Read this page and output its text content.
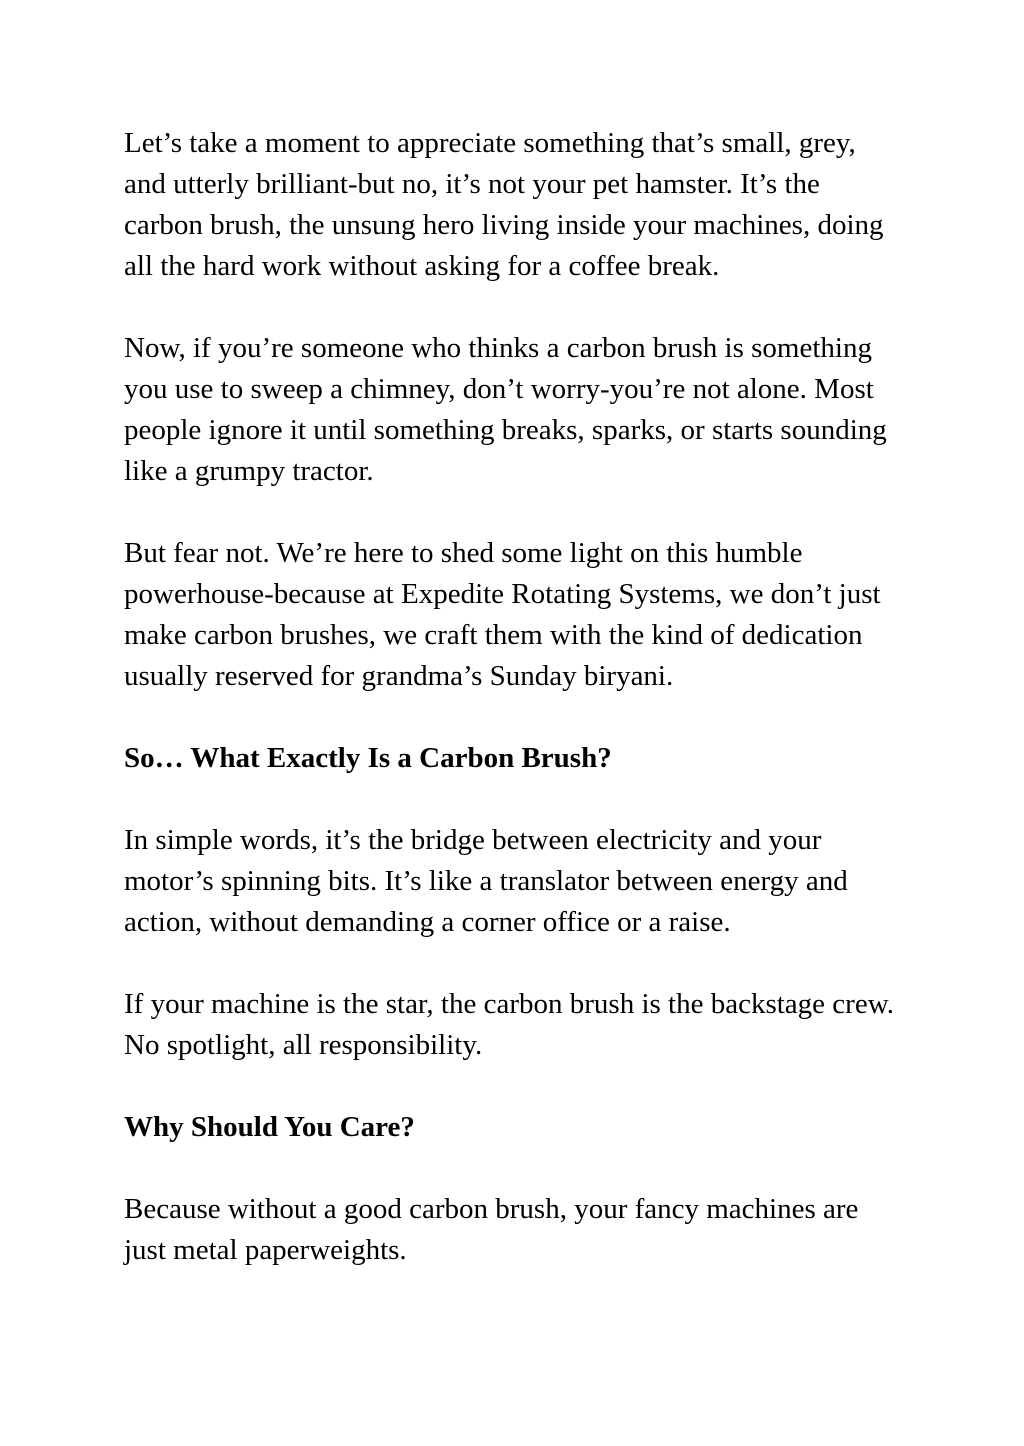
Let’s take a moment to appreciate something that’s small, grey, and utterly brilliant-but no, it’s not your pet hamster. It’s the carbon brush, the unsung hero living inside your machines, doing all the hard work without asking for a coffee break.

Now, if you’re someone who thinks a carbon brush is something you use to sweep a chimney, don’t worry-you’re not alone. Most people ignore it until something breaks, sparks, or starts sounding like a grumpy tractor.

But fear not. We’re here to shed some light on this humble powerhouse-because at Expedite Rotating Systems, we don’t just make carbon brushes, we craft them with the kind of dedication usually reserved for grandma’s Sunday biryani.

So… What Exactly Is a Carbon Brush?

In simple words, it’s the bridge between electricity and your motor’s spinning bits. It’s like a translator between energy and action, without demanding a corner office or a raise.

If your machine is the star, the carbon brush is the backstage crew. No spotlight, all responsibility.

Why Should You Care?

Because without a good carbon brush, your fancy machines are just metal paperweights.
